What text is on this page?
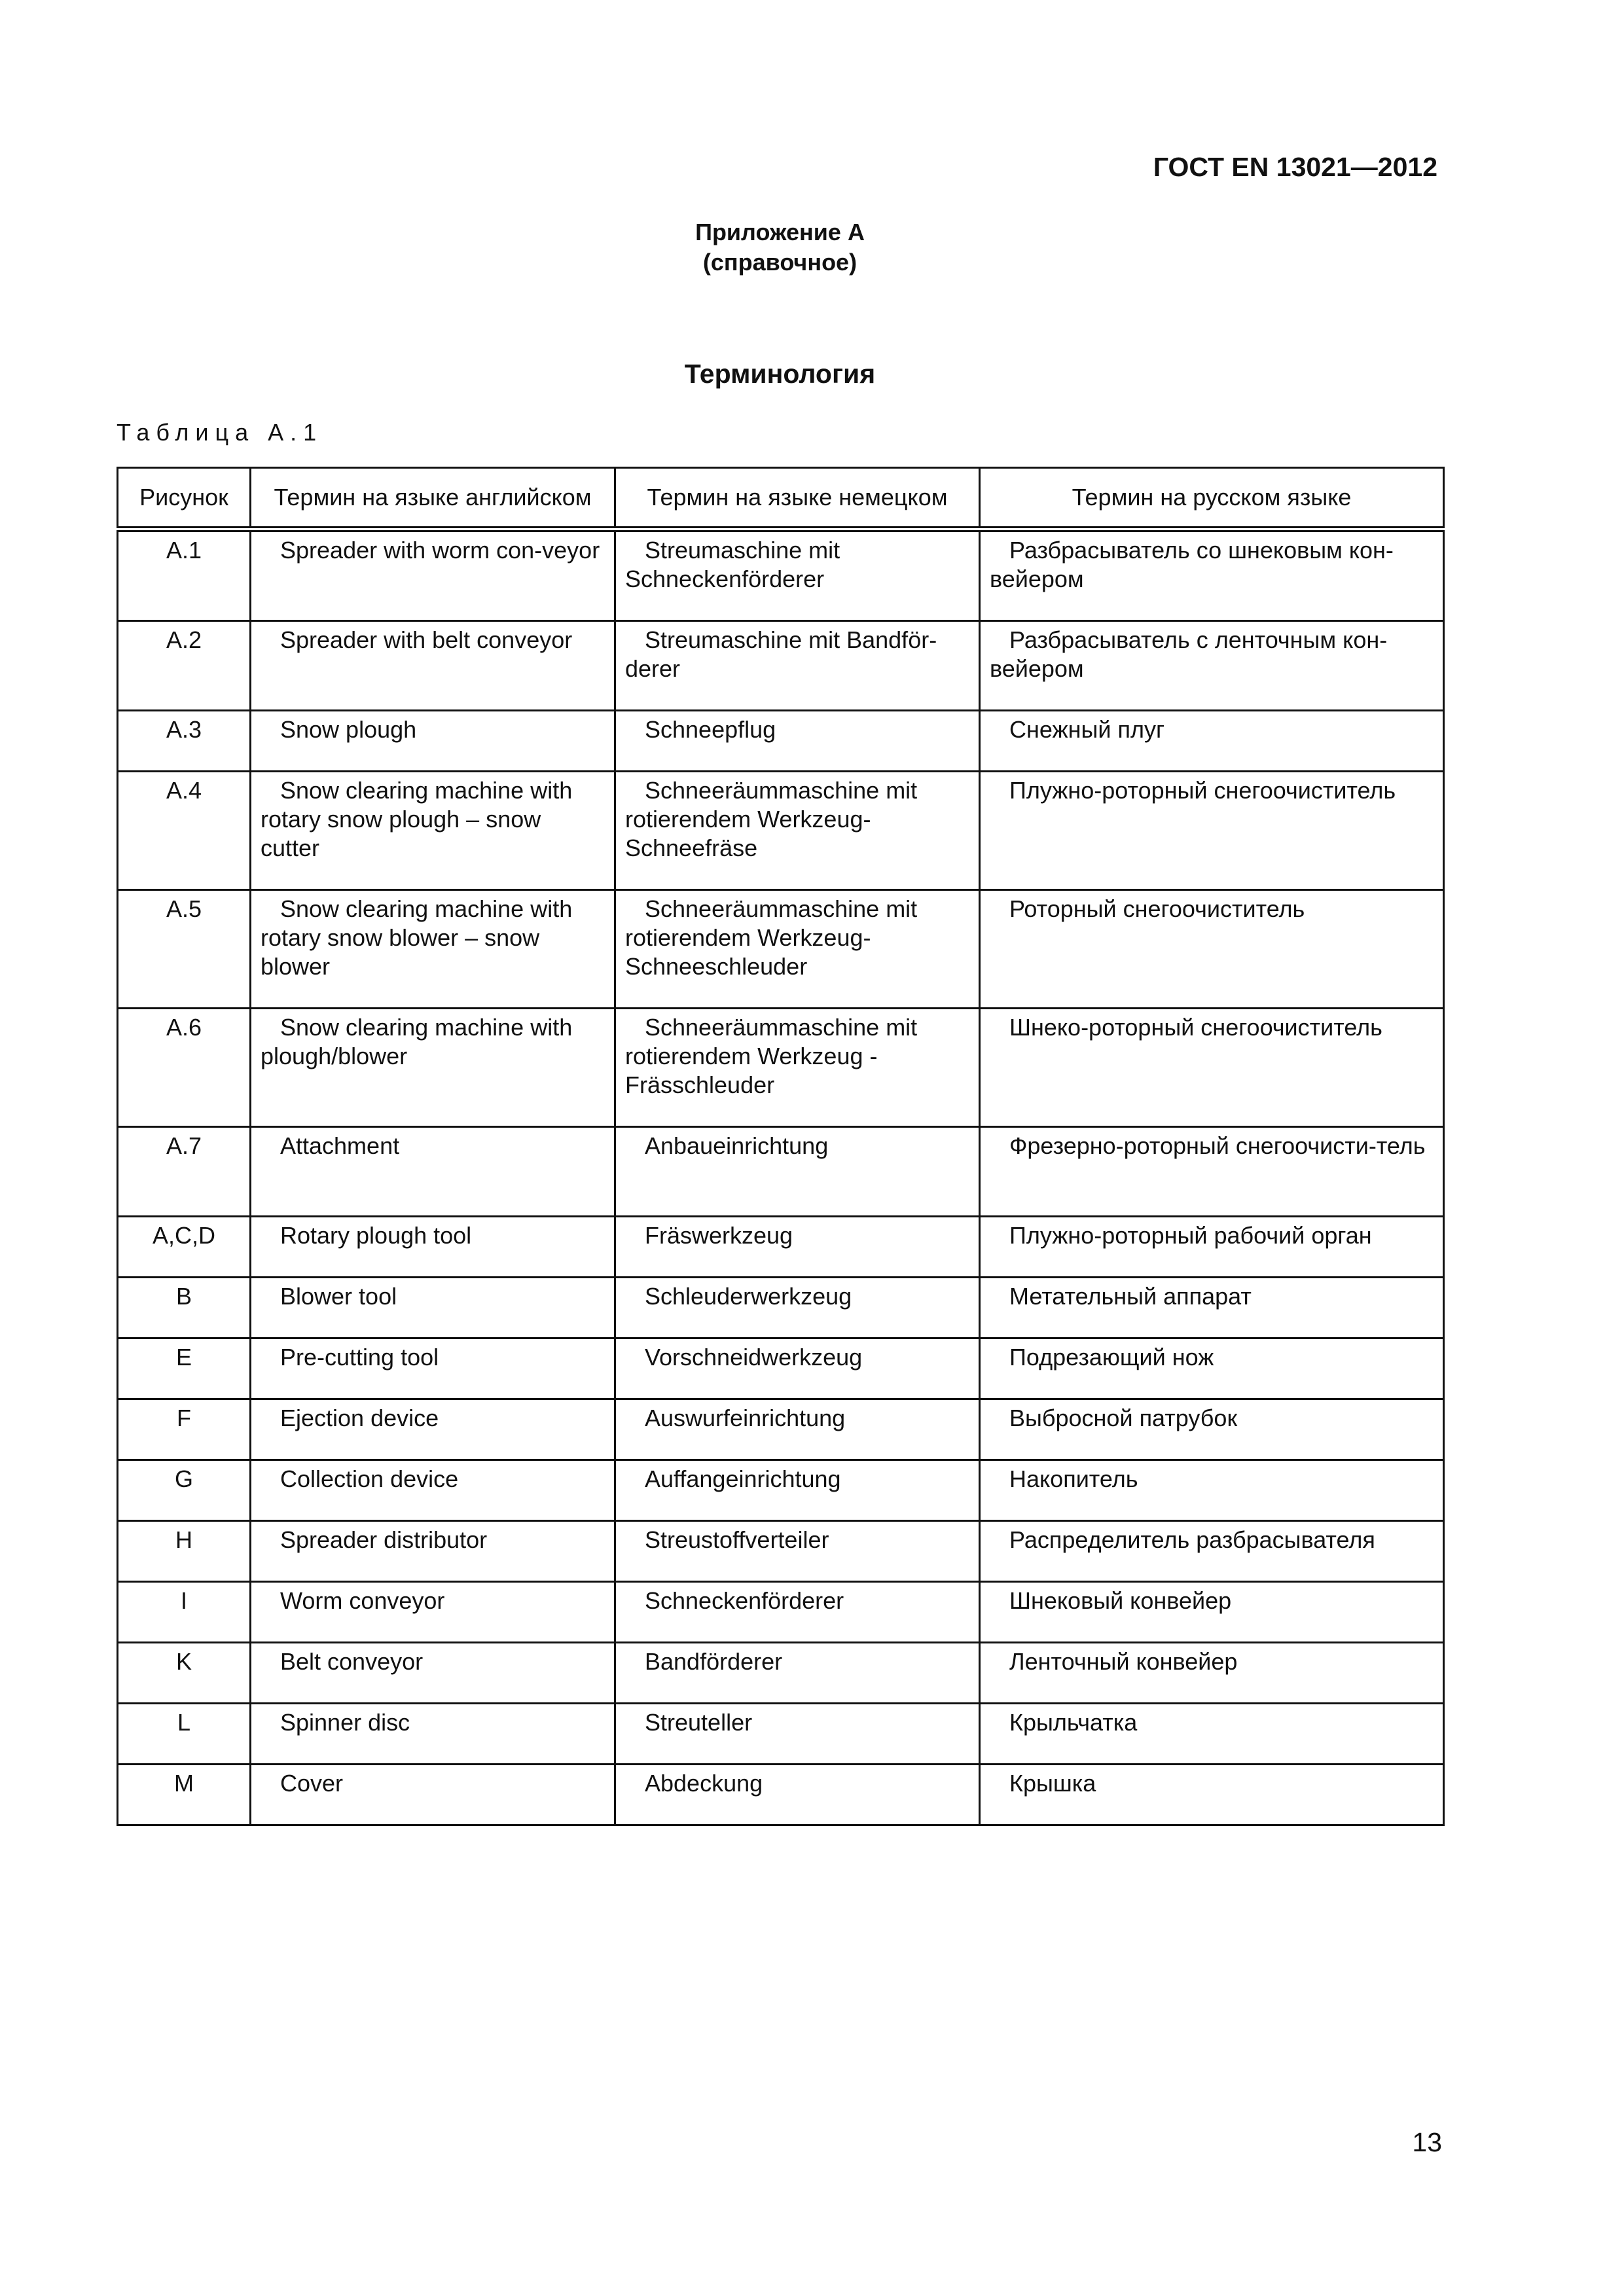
ГОСТ EN 13021—2012
Приложение А
(справочное)
Терминология
Таблица А.1
Рисунок	Термин на языке английском	Термин на языке немецком	Термин на русском языке
A.1	Spreader with worm con-veyor	Streumaschine mit Schneckenförderer	Разбрасыватель со шнековым кон-вейером
A.2	Spreader with belt conveyor	Streumaschine mit Bandför-derer	Разбрасыватель с ленточным кон-вейером
A.3	Snow plough	Schneepflug	Снежный плуг
A.4	Snow clearing machine with rotary snow plough – snow cutter	Schneeräummaschine mit rotierendem Werkzeug-Schneefräse	Плужно-роторный снегоочиститель
A.5	Snow clearing machine with rotary snow blower – snow blower	Schneeräummaschine mit rotierendem Werkzeug-Schneeschleuder	Роторный снегоочиститель
A.6	Snow clearing machine with plough/blower	Schneeräummaschine mit rotierendem Werkzeug - Frässchleuder	Шнеко-роторный снегоочиститель
A.7	Attachment	Anbaueinrichtung	Фрезерно-роторный снегоочисти-тель
A,C,D	Rotary plough tool	Fräswerkzeug	Плужно-роторный рабочий орган
B	Blower tool	Schleuderwerkzeug	Метательный аппарат
E	Pre-cutting tool	Vorschneidwerkzeug	Подрезающий нож
F	Ejection device	Auswurfeinrichtung	Выбросной патрубок
G	Collection device	Auffangeinrichtung	Накопитель
H	Spreader distributor	Streustoffverteiler	Распределитель разбрасывателя
I	Worm conveyor	Schneckenförderer	Шнековый конвейер
K	Belt conveyor	Bandförderer	Ленточный конвейер
L	Spinner disc	Streuteller	Крыльчатка
M	Cover	Abdeckung	Крышка
13
